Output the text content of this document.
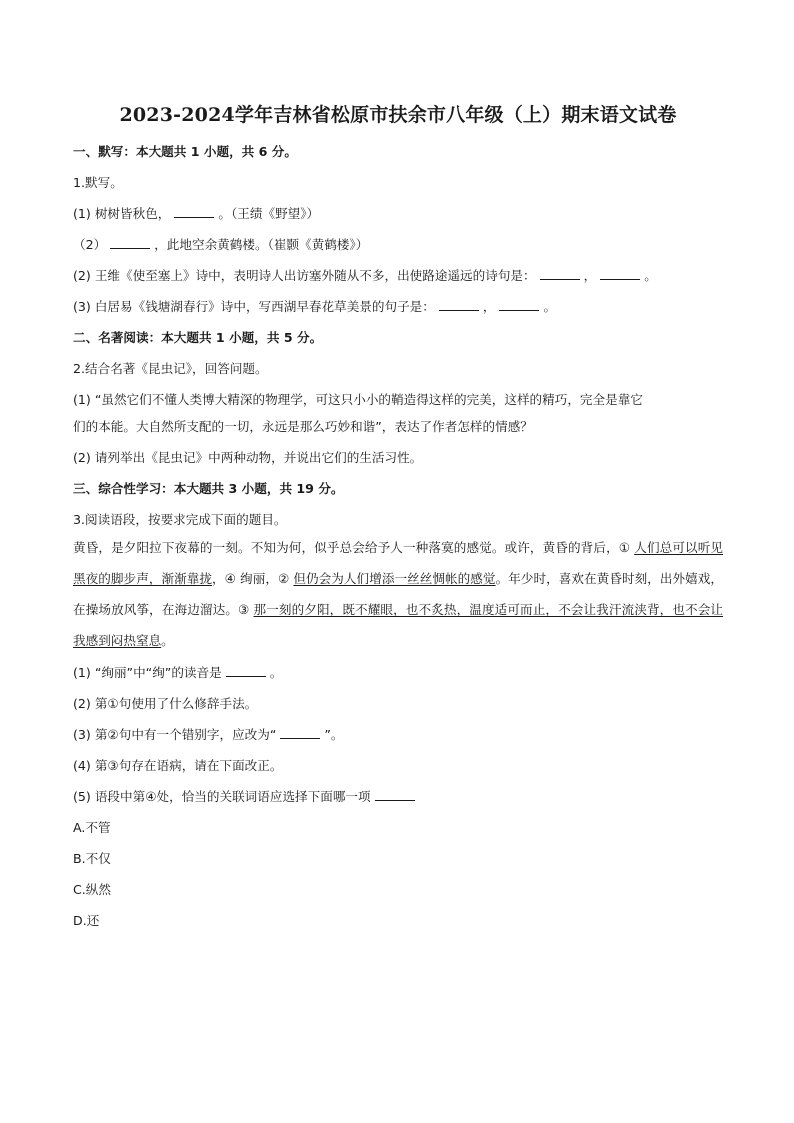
2023-2024学年吉林省松原市扶余市八年级（上）期末语文试卷
一、默写：本大题共 1 小题，共 6 分。
1.默写。
(1) 树树皆秋色，	。（王绩《野望》）
（2）	，此地空余黄鹤楼。（崔颢《黄鹤楼》）
(2) 王维《使至塞上》诗中，表明诗人出访塞外随从不多，出使路途遥远的诗句是：	，	。
(3) 白居易《钱塘湖春行》诗中，写西湖早春花草美景的句子是：	，	。
二、名著阅读：本大题共 1 小题，共 5 分。
2.结合名著《昆虫记》，回答问题。
(1) “虽然它们不懂人类博大精深的物理学，可这只小小的鞘造得这样的完美，这样的精巧，完全是靠它
们的本能。大自然所支配的一切，永远是那么巧妙和谐”，表达了作者怎样的情感？
(2) 请列举出《昆虫记》中两种动物，并说出它们的生活习性。
三、综合性学习：本大题共 3 小题，共 19 分。
3.阅读语段，按要求完成下面的题目。
黄昏，是夕阳拉下夜幕的一刻。不知为何，似乎总会给予人一种落寞的感觉。或许，黄昏的背后，① 人们总可以听见黑夜的脚步声，渐渐靠拢，④ 绚丽，② 但仍会为人们增添一丝丝惆帐的感觉。年少时，喜欢在黄昏时刻，出外嬉戏，在操场放风筝，在海边溜达。③ 那一刻的夕阳，既不耀眼，也不炙热，温度适可而止，不会让我汗流浃背，也不会让我感到闷热窒息。
(1) “绚丽”中“绚”的读音是	。
(2) 第①句使用了什么修辞手法。
(3) 第②句中有一个错别字，应改为“	”。
(4) 第③句存在语病，请在下面改正。
(5) 语段中第④处，恰当的关联词语应选择下面哪一项
A.不管
B.不仅
C.纵然
D.还
